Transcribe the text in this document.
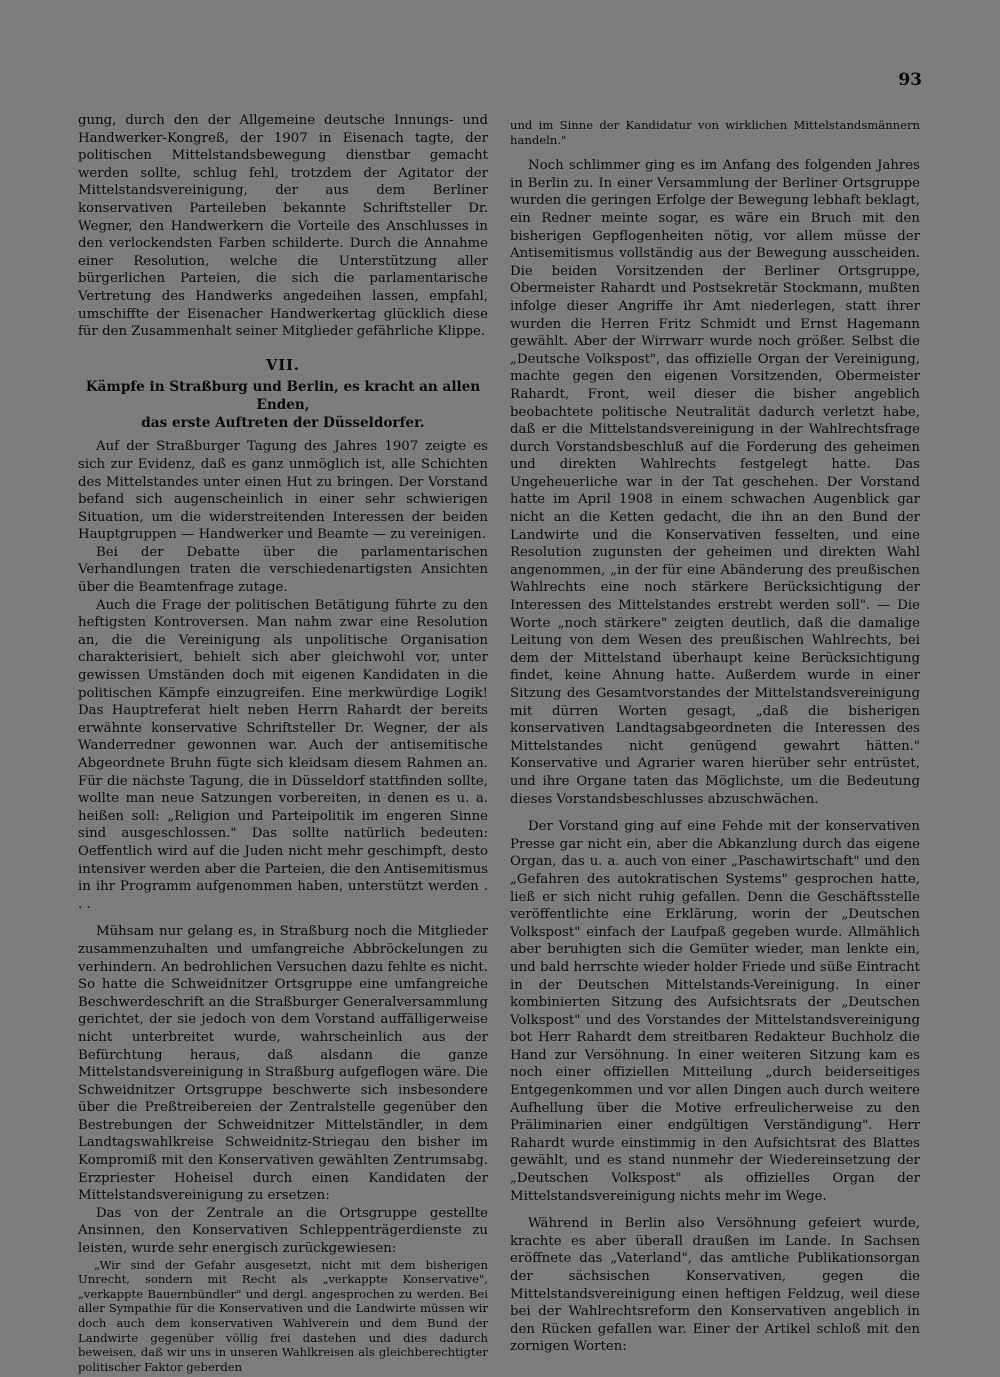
93

gung, durch den der Allgemeine deutsche Innungs- und Handwerker-Kongreß, der 1907 in Eisenach tagte, der politischen Mittelstandsbewegung dienstbar gemacht werden sollte, schlug fehl, trotzdem der Agitator der Mittelstandsvereinigung, der aus dem Berliner konservativen Parteileben bekannte Schriftsteller Dr. Wegner, den Handwerkern die Vorteile des Anschlusses in den verlockendsten Farben schilderte. Durch die Annahme einer Resolution, welche die Unterstützung aller bürgerlichen Parteien, die sich die parlamentarische Vertretung des Handwerks angedeihen lassen, empfahl, umschiffte der Eisenacher Handwerkertag glücklich diese für den Zusammenhalt seiner Mitglieder gefährliche Klippe.

VII.
Kämpfe in Straßburg und Berlin, es kracht an allen Enden,
das erste Auftreten der Düsseldorfer.

Auf der Straßburger Tagung des Jahres 1907 zeigte es sich zur Evidenz, daß es ganz unmöglich ist, alle Schichten des Mittelstandes unter einen Hut zu bringen. Der Vorstand befand sich augenscheinlich in einer sehr schwierigen Situation, um die widerstreitenden Interessen der beiden Hauptgruppen — Handwerker und Beamte — zu vereinigen.

Bei der Debatte über die parlamentarischen Verhandlungen traten die verschiedenartigsten Ansichten über die Beamtenfrage zutage.

Auch die Frage der politischen Betätigung führte zu den heftigsten Kontroversen. Man nahm zwar eine Resolution an, die die Vereinigung als unpolitische Organisation charakterisiert, behielt sich aber gleichwohl vor, unter gewissen Umständen doch mit eigenen Kandidaten in die politischen Kämpfe einzugreifen. Eine merkwürdige Logik! Das Hauptreferat hielt neben Herrn Rahardt der bereits erwähnte konservative Schriftsteller Dr. Wegner, der als Wanderredner gewonnen war. Auch der antisemitische Abgeordnete Bruhn fügte sich kleidsam diesem Rahmen an. Für die nächste Tagung, die in Düsseldorf stattfinden sollte, wollte man neue Satzungen vorbereiten, in denen es u. a. heißen soll: „Religion und Parteipolitik im engeren Sinne sind ausgeschlossen." Das sollte natürlich bedeuten: Oeffentlich wird auf die Juden nicht mehr geschimpft, desto intensiver werden aber die Parteien, die den Antisemitismus in ihr Programm aufgenommen haben, unterstützt werden . . .

Mühsam nur gelang es, in Straßburg noch die Mitglieder zusammenzuhalten und umfangreiche Abbröckelungen zu verhindern. An bedrohlichen Versuchen dazu fehlte es nicht. So hatte die Schweidnitzer Ortsgruppe eine umfangreiche Beschwerdeschrift an die Straßburger Generalversammlung gerichtet, der sie jedoch von dem Vorstand auffälligerweise nicht unterbreitet wurde, wahrscheinlich aus der Befürchtung heraus, daß alsdann die ganze Mittelstandsvereinigung in Straßburg aufgeflogen wäre. Die Schweidnitzer Ortsgruppe beschwerte sich insbesondere über die Preßtreibereien der Zentralstelle gegenüber den Bestrebungen der Schweidnitzer Mittelständler, in dem Landtagswahlkreise Schweidnitz-Striegau den bisher im Kompromiß mit den Konservativen gewählten Zentrumsabg. Erzpriester Hoheisel durch einen Kandidaten der Mittelstandsvereinigung zu ersetzen:

Das von der Zentrale an die Ortsgruppe gestellte Ansinnen, den Konservativen Schleppenträgerdienste zu leisten, wurde sehr energisch zurückgewiesen:

„Wir sind der Gefahr ausgesetzt, nicht mit dem bisherigen Unrecht, sondern mit Recht als „verkappte Konservative", „verkappte Bauernbündler" und dergl. angesprochen zu werden. Bei aller Sympathie für die Konservativen und die Landwirte müssen wir doch auch dem konservativen Wahlverein und dem Bund der Landwirte gegenüber völlig frei dastehen und dies dadurch beweisen, daß wir uns in unseren Wahlkreisen als gleichberechtigter politischer Faktor geberden

und im Sinne der Kandidatur von wirklichen Mittelstandsmännern handeln."

Noch schlimmer ging es im Anfang des folgenden Jahres in Berlin zu. In einer Versammlung der Berliner Ortsgruppe wurden die geringen Erfolge der Bewegung lebhaft beklagt, ein Redner meinte sogar, es wäre ein Bruch mit den bisherigen Gepflogenheiten nötig, vor allem müsse der Antisemitismus vollständig aus der Bewegung ausscheiden. Die beiden Vorsitzenden der Berliner Ortsgruppe, Obermeister Rahardt und Postsekretär Stockmann, mußten infolge dieser Angriffe ihr Amt niederlegen, statt ihrer wurden die Herren Fritz Schmidt und Ernst Hagemann gewählt. Aber der Wirrwarr wurde noch größer. Selbst die „Deutsche Volkspost", das offizielle Organ der Vereinigung, machte gegen den eigenen Vorsitzenden, Obermeister Rahardt, Front, weil dieser die bisher angeblich beobachtete politische Neutralität dadurch verletzt habe, daß er die Mittelstandsvereinigung in der Wahlrechtsfrage durch Vorstandsbeschluß auf die Forderung des geheimen und direkten Wahlrechts festgelegt hatte. Das Ungeheuerliche war in der Tat geschehen. Der Vorstand hatte im April 1908 in einem schwachen Augenblick gar nicht an die Ketten gedacht, die ihn an den Bund der Landwirte und die Konservativen fesselten, und eine Resolution zugunsten der geheimen und direkten Wahl angenommen, „in der für eine Abänderung des preußischen Wahlrechts eine noch stärkere Berücksichtigung der Interessen des Mittelstandes erstrebt werden soll". — Die Worte „noch stärkere" zeigten deutlich, daß die damalige Leitung von dem Wesen des preußischen Wahlrechts, bei dem der Mittelstand überhaupt keine Berücksichtigung findet, keine Ahnung hatte. Außerdem wurde in einer Sitzung des Gesamtvorstandes der Mittelstandsvereinigung mit dürren Worten gesagt, „daß die bisherigen konservativen Landtagsabgeordneten die Interessen des Mittelstandes nicht genügend gewahrt hätten." Konservative und Agrarier waren hierüber sehr entrüstet, und ihre Organe taten das Möglichste, um die Bedeutung dieses Vorstandsbeschlusses abzuschwächen.

Der Vorstand ging auf eine Fehde mit der konservativen Presse gar nicht ein, aber die Abkanzlung durch das eigene Organ, das u. a. auch von einer „Paschawirtschaft" und den „Gefahren des autokratischen Systems" gesprochen hatte, ließ er sich nicht ruhig gefallen. Denn die Geschäftsstelle veröffentlichte eine Erklärung, worin der „Deutschen Volkspost" einfach der Laufpaß gegeben wurde. Allmählich aber beruhigten sich die Gemüter wieder, man lenkte ein, und bald herrschte wieder holder Friede und süße Eintracht in der Deutschen Mittelstands-Vereinigung. In einer kombinierten Sitzung des Aufsichtsrats der „Deutschen Volkspost" und des Vorstandes der Mittelstandsvereinigung bot Herr Rahardt dem streitbaren Redakteur Buchholz die Hand zur Versöhnung. In einer weiteren Sitzung kam es noch einer offiziellen Mitteilung „durch beiderseitiges Entgegenkommen und vor allen Dingen auch durch weitere Aufhellung über die Motive erfreulicherweise zu den Präliminarien einer endgültigen Verständigung". Herr Rahardt wurde einstimmig in den Aufsichtsrat des Blattes gewählt, und es stand nunmehr der Wiedereinsetzung der „Deutschen Volkspost" als offizielles Organ der Mittelstandsvereinigung nichts mehr im Wege.

Während in Berlin also Versöhnung gefeiert wurde, krachte es aber überall draußen im Lande. In Sachsen eröffnete das „Vaterland", das amtliche Publikationsorgan der sächsischen Konservativen, gegen die Mittelstandsvereinigung einen heftigen Feldzug, weil diese bei der Wahlrechtsreform den Konservativen angeblich in den Rücken gefallen war. Einer der Artikel schloß mit den zornigen Worten:
